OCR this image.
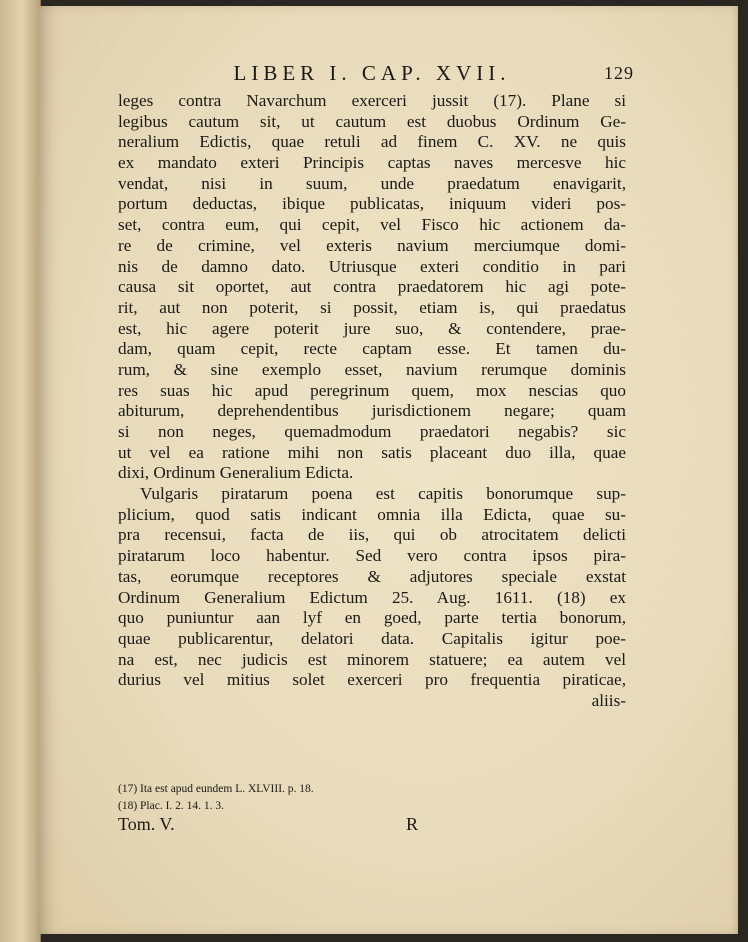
LIBER I. CAP. XVII.	129
leges contra Navarchum exerceri jussit (17). Plane si
legibus cautum sit, ut cautum est duobus Ordinum Ge-
neralium Edictis, quae retuli ad finem C. XV. ne quis
ex mandato exteri Principis captas naves mercesve hic
vendat, nisi in suum, unde praedatum enavigarit,
portum deductas, ibique publicatas, iniquum videri pos-
set, contra eum, qui cepit, vel Fisco hic actionem da-
re de crimine, vel exteris navium merciumque domi-
nis de damno dato. Utriusque exteri conditio in pari
causa sit oportet, aut contra praedatorem hic agi pote-
rit, aut non poterit, si possit, etiam is, qui praedatus
est, hic agere poterit jure suo, & contendere, prae-
dam, quam cepit, recte captam esse. Et tamen du-
rum, & sine exemplo esset, navium rerumque dominis
res suas hic apud peregrinum quem, mox nescias quo
abiturum, deprehendentibus jurisdictionem negare; quam
si non neges, quemadmodum praedatori negabis? sic
ut vel ea ratione mihi non satis placeant duo illa, quae
dixi, Ordinum Generalium Edicta.
Vulgaris piratarum poena est capitis bonorumque sup-
plicium, quod satis indicant omnia illa Edicta, quae su-
pra recensui, facta de iis, qui ob atrocitatem delicti
piratarum loco habentur. Sed vero contra ipsos pira-
tas, eorumque receptores & adjutores speciale exstat
Ordinum Generalium Edictum 25. Aug. 1611. (18) ex
quo puniuntur aan lyf en goed, parte tertia bonorum,
quae publicarentur, delatori data. Capitalis igitur poe-
na est, nec judicis est minorem statuere; ea autem vel
durius vel mitius solet exerceri pro frequentia piraticae,
aliis-
(17) Ita est apud eundem L. XLVIII. p. 18.
(18) Plac. I. 2. 14. 1. 3.
Tom. V.	R
